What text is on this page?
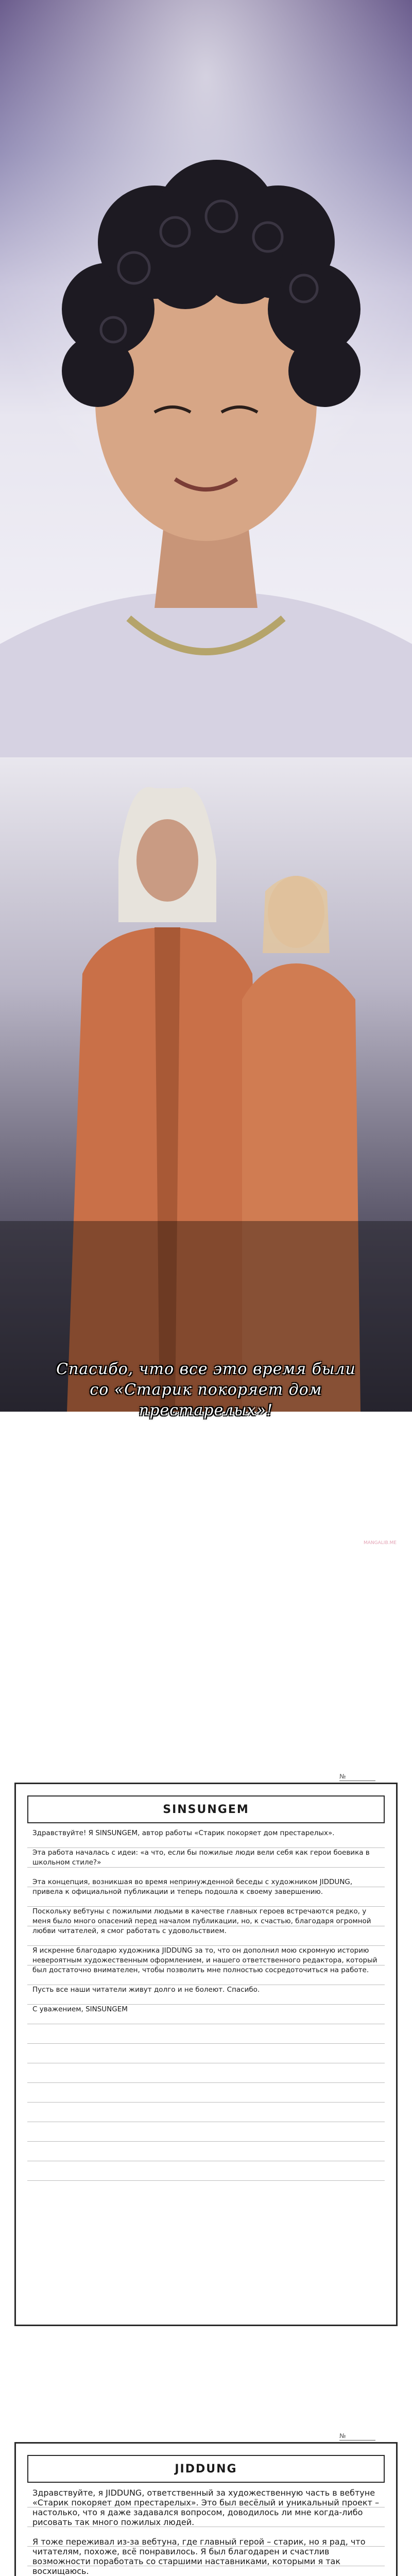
Спасибо, что все это время были
со «Старик покоряет дом
престарелых»!
MANGALIB.ME
№
SINSUNGEM

Здравствуйте! Я SINSUNGEM, автор работы «Старик покоряет дом престарелых».

Эта работа началась с идеи: «а что, если бы пожилые люди вели себя как герои боевика в школьном стиле?»

Эта концепция, возникшая во время непринужденной беседы с художником JIDDUNG, привела к официальной публикации и теперь подошла к своему завершению.

Поскольку вебтуны с пожилыми людьми в качестве главных героев встречаются редко, у меня было много опасений перед началом публикации, но, к счастью, благодаря огромной любви читателей, я смог работать с удовольствием.

Я искренне благодарю художника JIDDUNG за то, что он дополнил мою скромную историю невероятным художественным оформлением, и нашего ответственного редактора, который был достаточно внимателен, чтобы позволить мне полностью сосредоточиться на работе.

Пусть все наши читатели живут долго и не болеют. Спасибо.

С уважением, SINSUNGEM

№
JIDDUNG

Здравствуйте, я JIDDUNG, ответственный за художественную часть в вебтуне «Старик покоряет дом престарелых». Это был весёлый и уникальный проект – настолько, что я даже задавался вопросом, доводилось ли мне когда-либо рисовать так много пожилых людей.

Я тоже переживал из-за вебтуна, где главный герой – старик, но я рад, что читателям, похоже, всё понравилось. Я был благодарен и счастлив возможности поработать со старшими наставниками, которыми я так восхищаюсь.
